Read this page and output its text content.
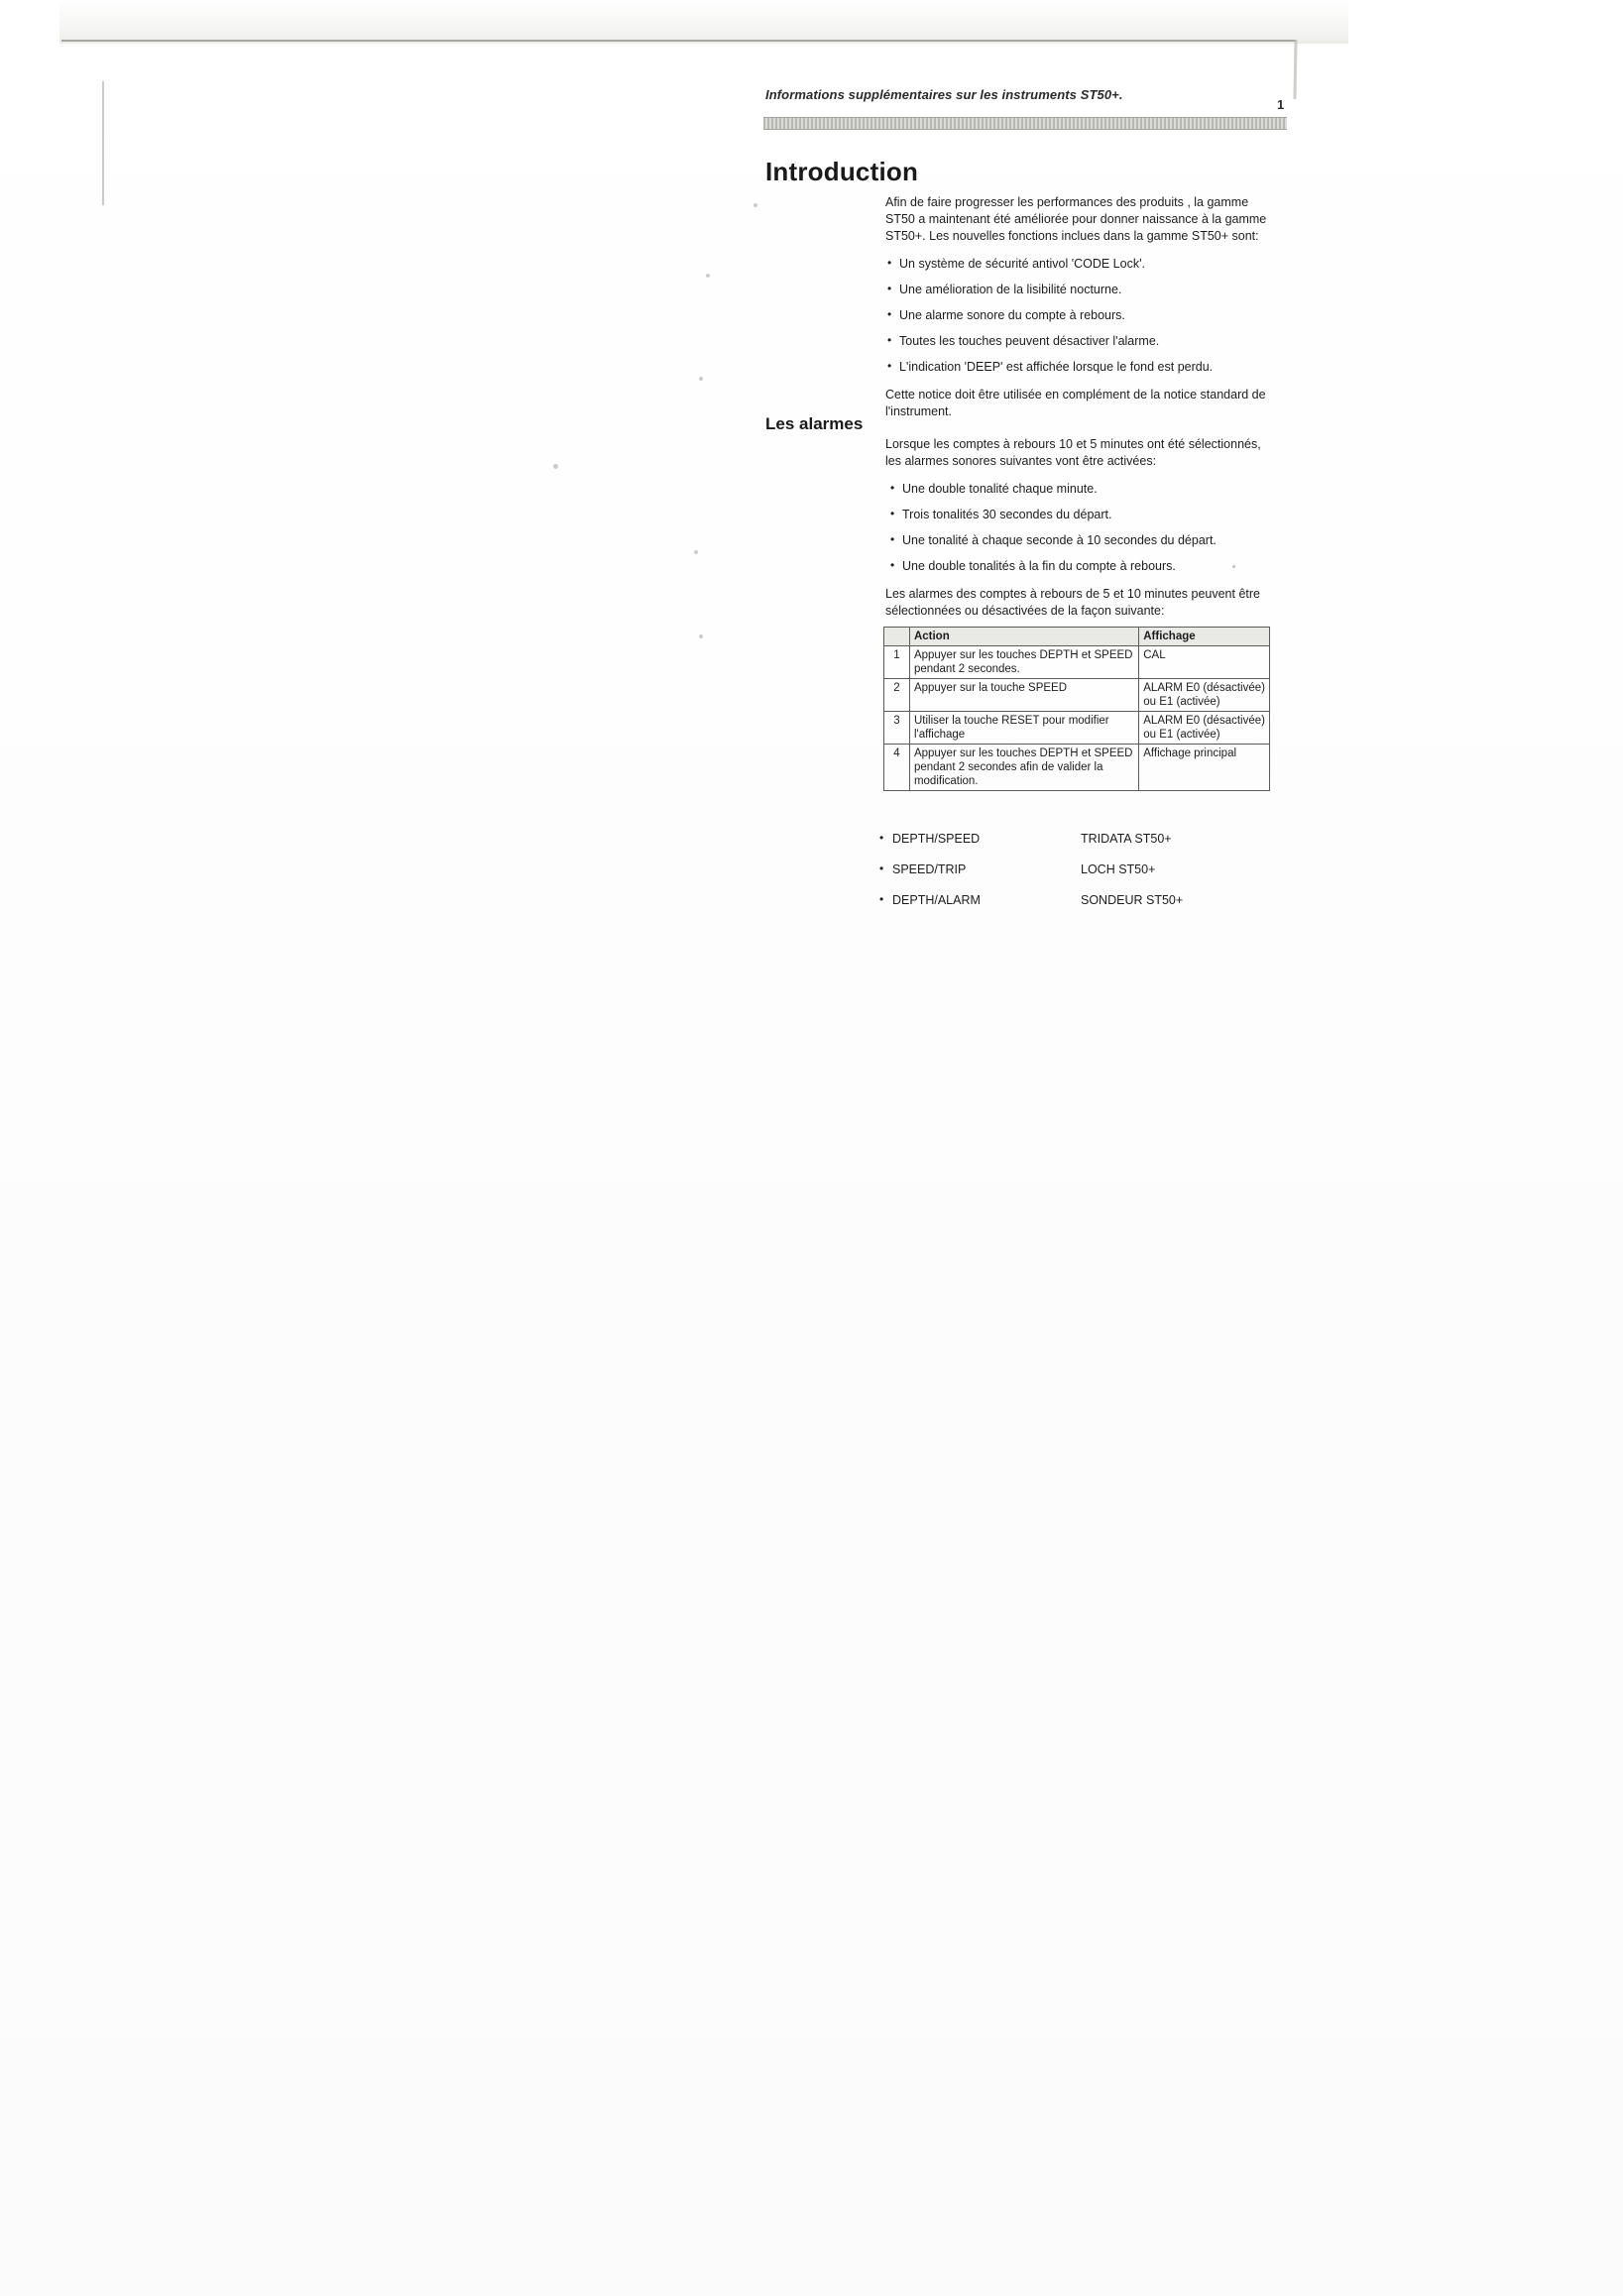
Informations supplémentaires sur les instruments ST50+.
1
Introduction

Afin de faire progresser les performances des produits , la gamme ST50 a maintenant été améliorée pour donner naissance à la gamme ST50+. Les nouvelles fonctions inclues dans la gamme ST50+ sont:

• Un système de sécurité antivol 'CODE Lock'.
• Une amélioration de la lisibilité nocturne.
• Une alarme sonore du compte à rebours.
• Toutes les touches peuvent désactiver l'alarme.
• L'indication 'DEEP' est affichée lorsque le fond est perdu.

Cette notice doit être utilisée en complément de la notice standard de l'instrument.

Les alarmes

Lorsque les comptes à rebours 10 et 5 minutes ont été sélectionnés, les alarmes sonores suivantes vont être activées:

• Une double tonalité chaque minute.
• Trois tonalités 30 secondes du départ.
• Une tonalité à chaque seconde à 10 secondes du départ.
• Une double tonalités à la fin du compte à rebours.

Les alarmes des comptes à rebours de 5 et 10 minutes peuvent être sélectionnées ou désactivées de la façon suivante:

	Action	Affichage
1	Appuyer sur les touches DEPTH et SPEED pendant 2 secondes.	CAL
2	Appuyer sur la touche SPEED	ALARM E0 (désactivée) ou E1 (activée)
3	Utiliser la touche RESET pour modifier l'affichage	ALARM E0 (désactivée) ou E1 (activée)
4	Appuyer sur les touches DEPTH et SPEED pendant 2 secondes afin de valider la modification.	Affichage principal
• DEPTH/SPEED	TRIDATA ST50+
• SPEED/TRIP	LOCH ST50+
• DEPTH/ALARM	SONDEUR ST50+
